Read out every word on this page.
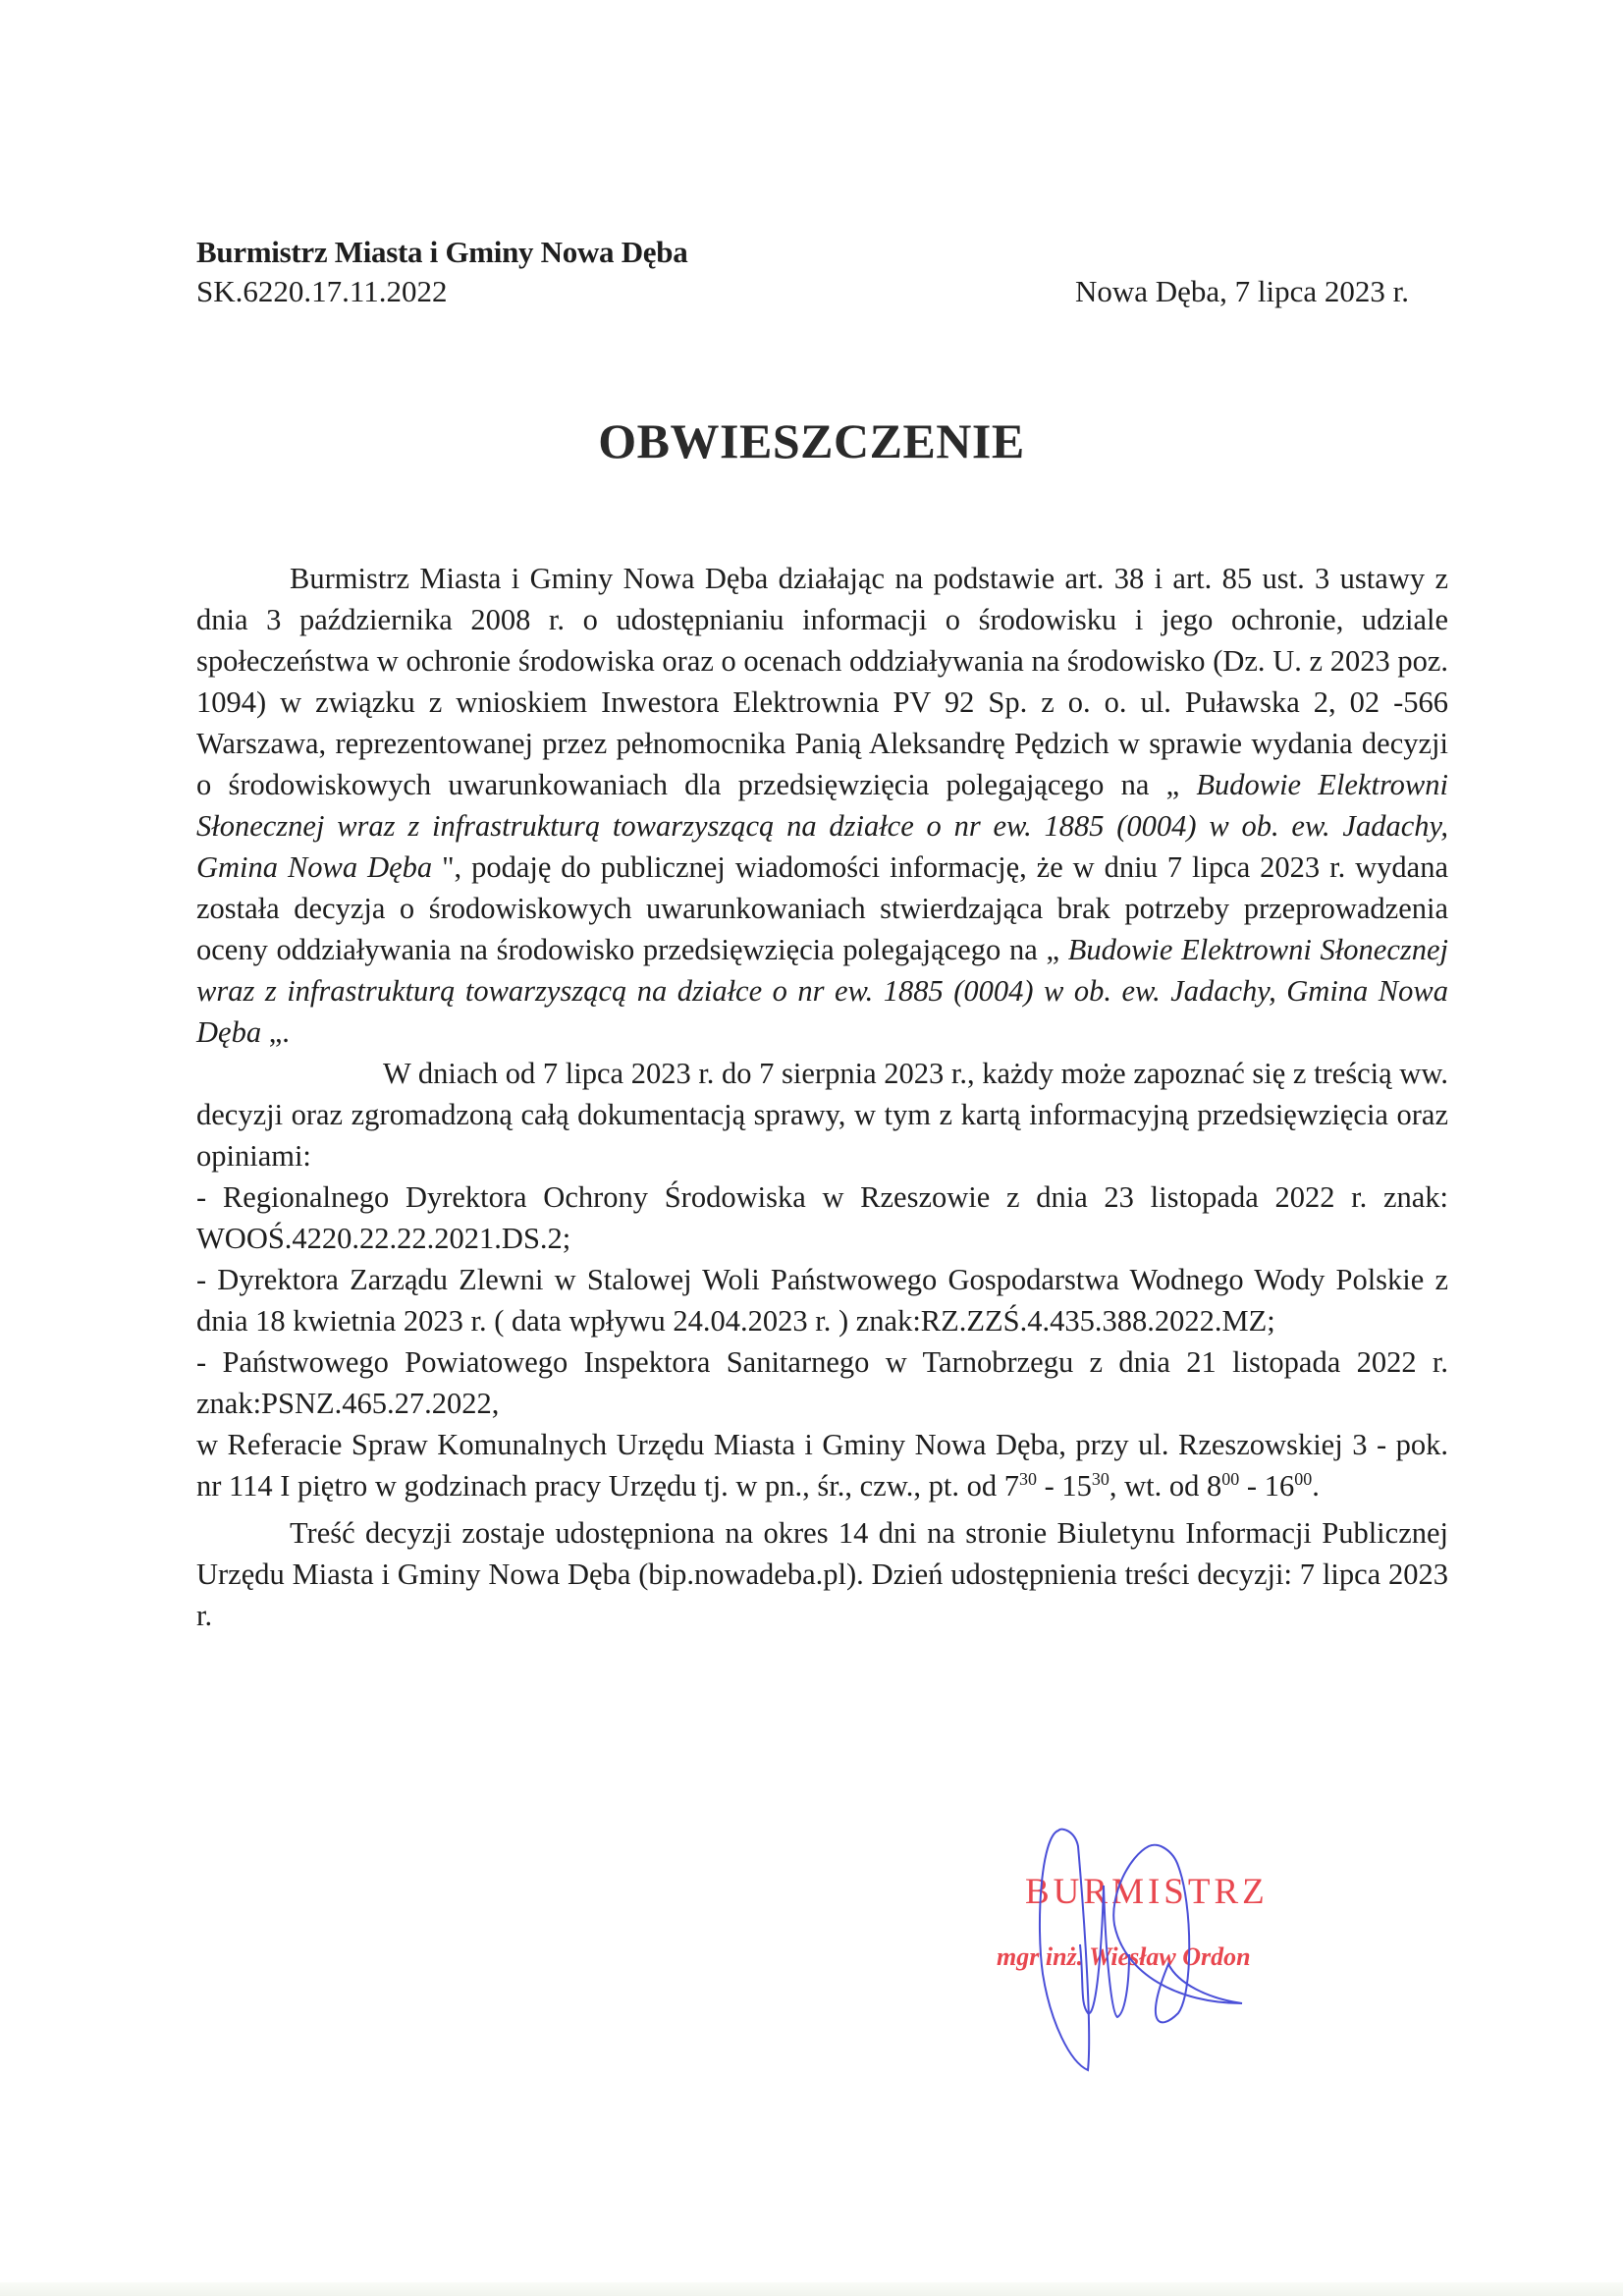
Burmistrz Miasta i Gminy Nowa Dęba
SK.6220.17.11.2022	Nowa Dęba, 7 lipca 2023 r.
OBWIESZCZENIE

Burmistrz Miasta i Gminy Nowa Dęba działając na podstawie art. 38 i art. 85 ust. 3 ustawy z dnia 3 października 2008 r. o udostępnianiu informacji o środowisku i jego ochronie, udziale społeczeństwa w ochronie środowiska oraz o ocenach oddziaływania na środowisko (Dz. U. z 2023 poz. 1094) w związku z wnioskiem Inwestora Elektrownia PV 92 Sp. z o. o. ul. Puławska 2, 02 -566 Warszawa, reprezentowanej przez pełnomocnika Panią Aleksandrę Pędzich w sprawie wydania decyzji o środowiskowych uwarunkowaniach dla przedsięwzięcia polegającego na „ Budowie Elektrowni Słonecznej wraz z infrastrukturą towarzyszącą na działce o nr ew. 1885 (0004) w ob. ew. Jadachy, Gmina Nowa Dęba ", podaję do publicznej wiadomości informację, że w dniu 7 lipca 2023 r. wydana została decyzja o środowiskowych uwarunkowaniach stwierdzająca brak potrzeby przeprowadzenia oceny oddziaływania na środowisko przedsięwzięcia polegającego na „ Budowie Elektrowni Słonecznej wraz z infrastrukturą towarzyszącą na działce o nr ew. 1885 (0004) w ob. ew. Jadachy, Gmina Nowa Dęba „.

W dniach od 7 lipca 2023 r. do 7 sierpnia 2023 r., każdy może zapoznać się z treścią ww. decyzji oraz zgromadzoną całą dokumentacją sprawy, w tym z kartą informacyjną przedsięwzięcia oraz opiniami:

- Regionalnego Dyrektora Ochrony Środowiska w Rzeszowie z dnia 23 listopada 2022 r. znak: WOOŚ.4220.22.22.2021.DS.2;

- Dyrektora Zarządu Zlewni w Stalowej Woli Państwowego Gospodarstwa Wodnego Wody Polskie z dnia 18 kwietnia 2023 r. ( data wpływu 24.04.2023 r. ) znak:RZ.ZZŚ.4.435.388.2022.MZ;

- Państwowego Powiatowego Inspektora Sanitarnego w Tarnobrzegu z dnia 21 listopada 2022 r. znak:PSNZ.465.27.2022,

w Referacie Spraw Komunalnych Urzędu Miasta i Gminy Nowa Dęba, przy ul. Rzeszowskiej 3 - pok. nr 114 I piętro w godzinach pracy Urzędu tj. w pn., śr., czw., pt. od $7^{30} - 15^{30}$, wt. od $8^{00} - 16^{00}$.

Treść decyzji zostaje udostępniona na okres 14 dni na stronie Biuletynu Informacji Publicznej Urzędu Miasta i Gminy Nowa Dęba (bip.nowadeba.pl). Dzień udostępnienia treści decyzji: 7 lipca 2023 r.

BURMISTRZ
mgr inż. Wiesław Ordon
